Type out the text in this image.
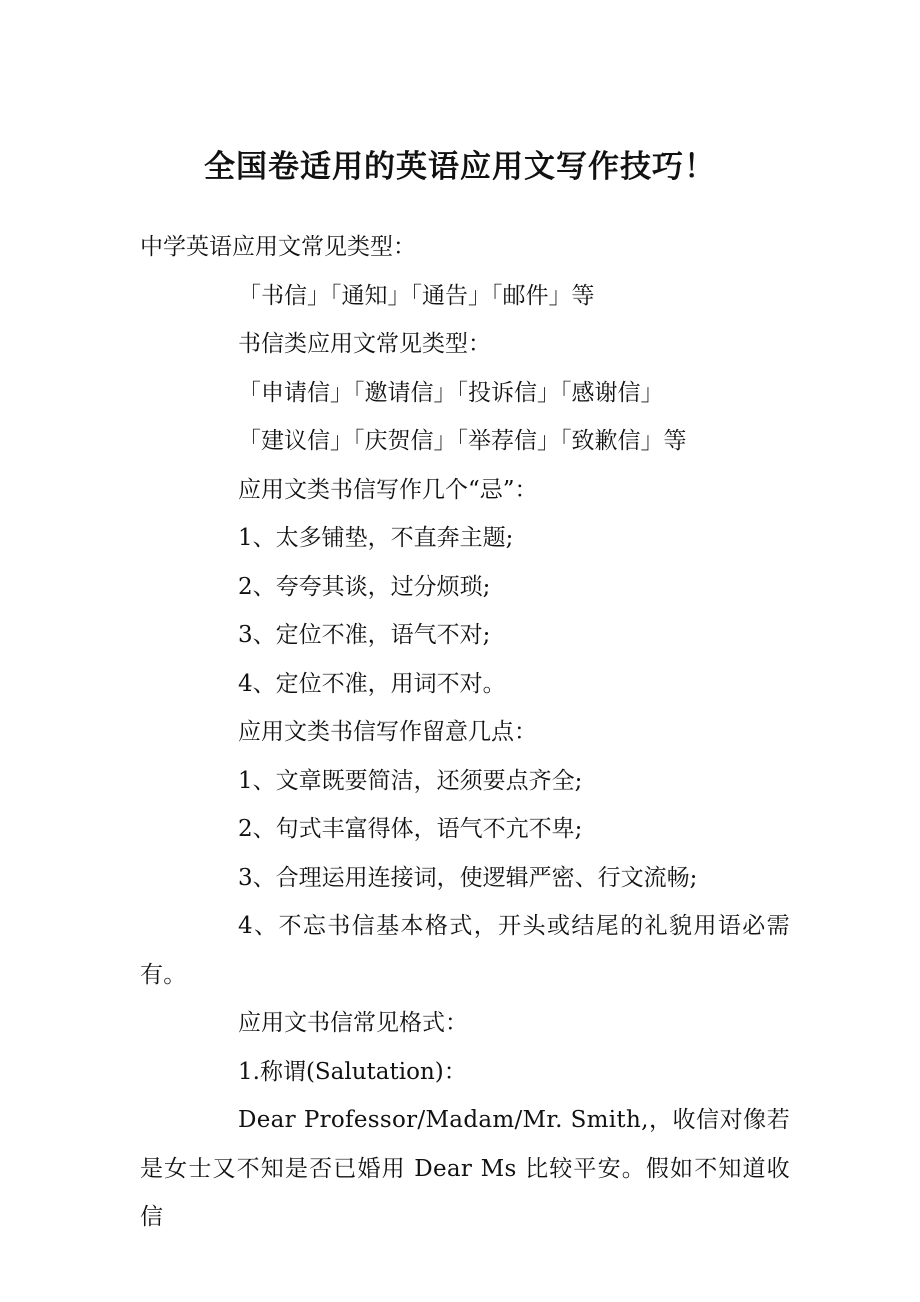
全国卷适用的英语应用文写作技巧！
中学英语应用文常见类型：
「书信」「通知」「通告」「邮件」等
书信类应用文常见类型：
「申请信」「邀请信」「投诉信」「感谢信」
「建议信」「庆贺信」「举荐信」「致歉信」等
应用文类书信写作几个“忌”：
1、太多铺垫，不直奔主题;
2、夸夸其谈，过分烦琐;
3、定位不准，语气不对;
4、定位不准，用词不对。
应用文类书信写作留意几点：
1、文章既要简洁，还须要点齐全;
2、句式丰富得体，语气不亢不卑;
3、合理运用连接词，使逻辑严密、行文流畅;
4、不忘书信基本格式，开头或结尾的礼貌用语必需有。
应用文书信常见格式：
1.称谓(Salutation)：
Dear Professor/Madam/Mr. Smith,，收信对像若是女士又不知是否已婚用 Dear Ms 比较平安。假如不知道收信
